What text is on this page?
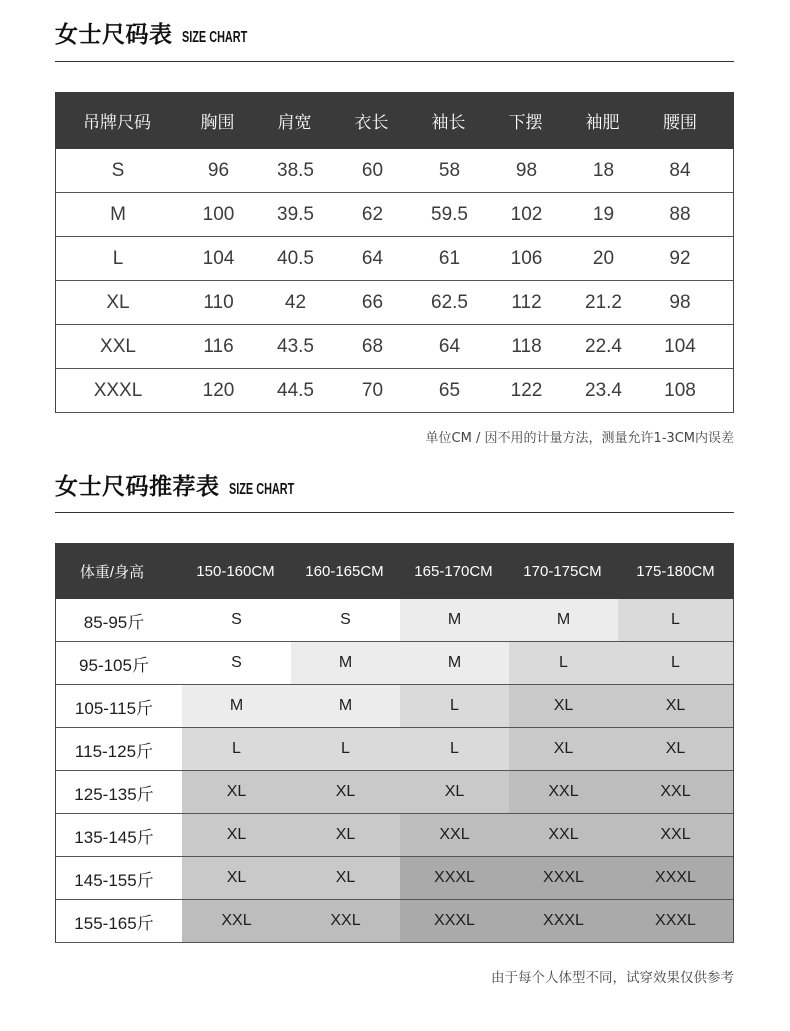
女士尺码表 SIZE CHART
吊牌尺码	胸围	肩宽	衣长	袖长	下摆	袖肥	腰围
S	96	38.5	60	58	98	18	84
M	100	39.5	62	59.5	102	19	88
L	104	40.5	64	61	106	20	92
XL	110	42	66	62.5	112	21.2	98
XXL	116	43.5	68	64	118	22.4	104
XXXL	120	44.5	70	65	122	23.4	108
单位CM / 因不用的计量方法，测量允许1-3CM内误差
女士尺码推荐表 SIZE CHART
体重/身高	150-160CM	160-165CM	165-170CM	170-175CM	175-180CM
85-95斤	S	S	M	M	L
95-105斤	S	M	M	L	L
105-115斤	M	M	L	XL	XL
115-125斤	L	L	L	XL	XL
125-135斤	XL	XL	XL	XXL	XXL
135-145斤	XL	XL	XXL	XXL	XXL
145-155斤	XL	XL	XXXL	XXXL	XXXL
155-165斤	XXL	XXL	XXXL	XXXL	XXXL
由于每个人体型不同，试穿效果仅供参考
